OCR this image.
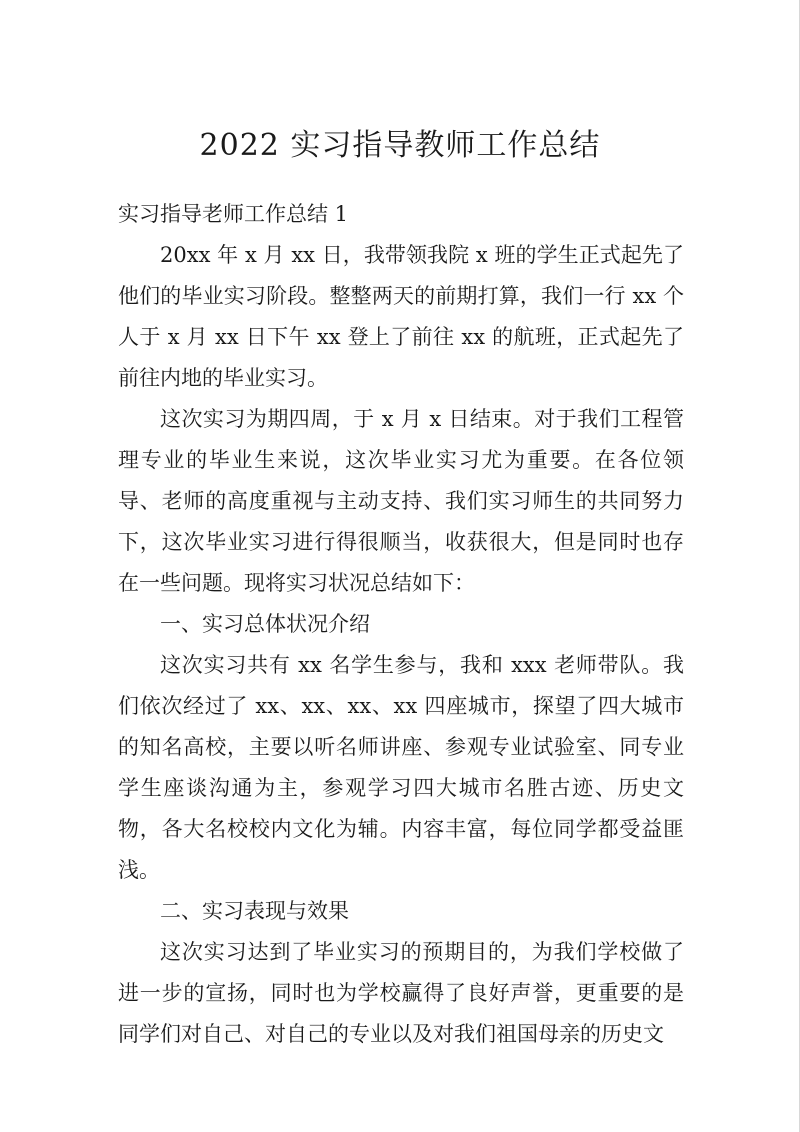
2022 实习指导教师工作总结

实习指导老师工作总结 1

20xx 年 x 月 xx 日，我带领我院 x 班的学生正式起先了他们的毕业实习阶段。整整两天的前期打算，我们一行 xx 个人于 x 月 xx 日下午 xx 登上了前往 xx 的航班，正式起先了前往内地的毕业实习。

这次实习为期四周，于 x 月 x 日结束。对于我们工程管理专业的毕业生来说，这次毕业实习尤为重要。在各位领导、老师的高度重视与主动支持、我们实习师生的共同努力下，这次毕业实习进行得很顺当，收获很大，但是同时也存在一些问题。现将实习状况总结如下：

一、实习总体状况介绍

这次实习共有 xx 名学生参与，我和 xxx 老师带队。我们依次经过了 xx、xx、xx、xx 四座城市，探望了四大城市的知名高校，主要以听名师讲座、参观专业试验室、同专业学生座谈沟通为主，参观学习四大城市名胜古迹、历史文物，各大名校校内文化为辅。内容丰富，每位同学都受益匪浅。

二、实习表现与效果

这次实习达到了毕业实习的预期目的，为我们学校做了进一步的宣扬，同时也为学校赢得了良好声誉，更重要的是同学们对自己、对自己的专业以及对我们祖国母亲的历史文
